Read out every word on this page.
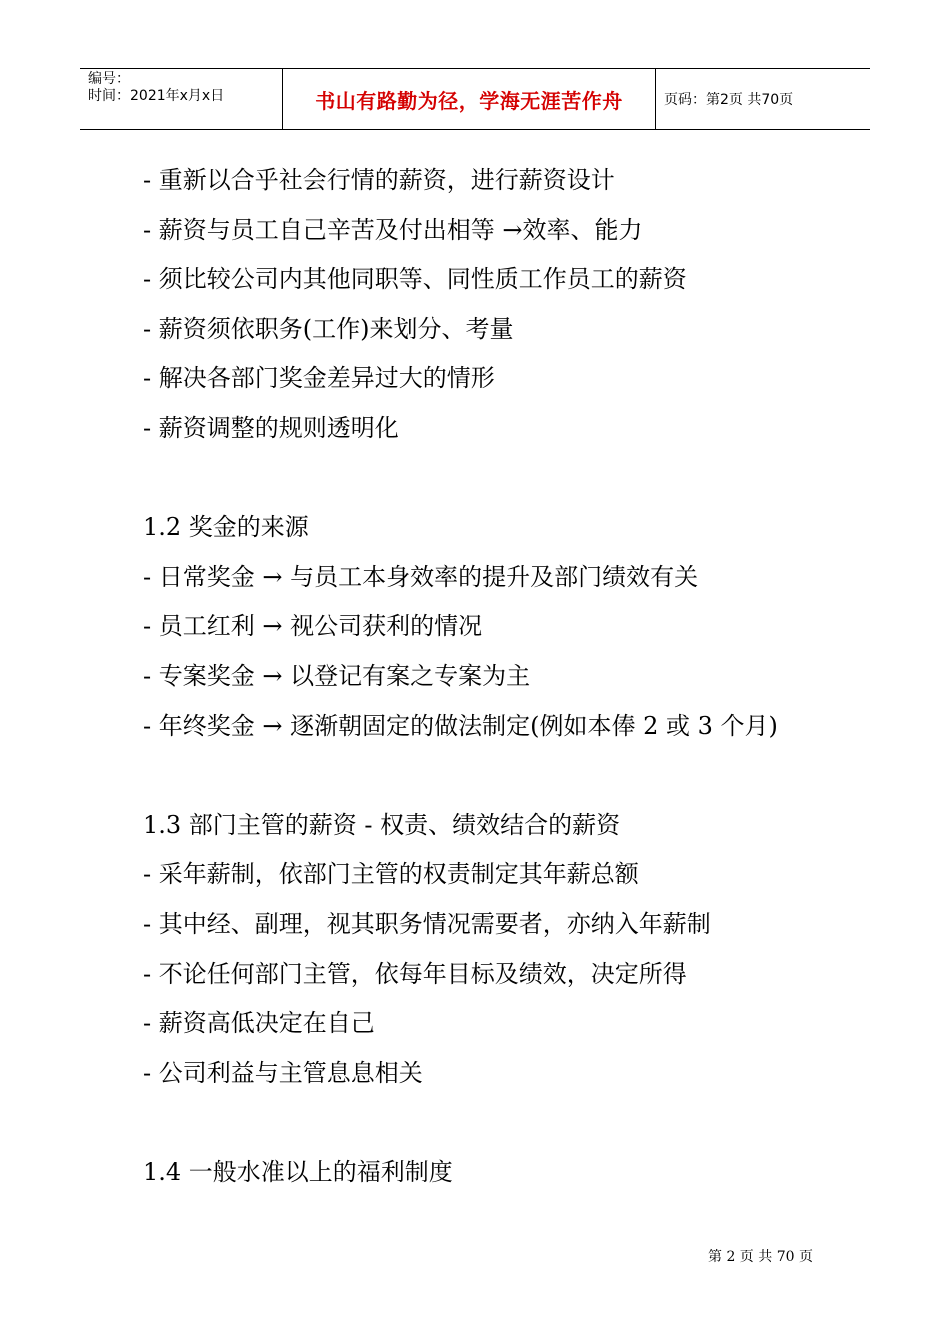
编号：
时间：2021年x月x日	书山有路勤为径，学海无涯苦作舟	页码：第2页 共70页
- 重新以合乎社会行情的薪资，进行薪资设计
- 薪资与员工自己辛苦及付出相等 →效率、能力
- 须比较公司内其他同职等、同性质工作员工的薪资
- 薪资须依职务(工作)来划分、考量
- 解决各部门奖金差异过大的情形
- 薪资调整的规则透明化
1.2 奖金的来源
- 日常奖金 → 与员工本身效率的提升及部门绩效有关
- 员工红利 → 视公司获利的情况
- 专案奖金 → 以登记有案之专案为主
- 年终奖金 → 逐渐朝固定的做法制定(例如本俸 2 或 3 个月)
1.3 部门主管的薪资 - 权责、绩效结合的薪资
- 采年薪制，依部门主管的权责制定其年薪总额
- 其中经、副理，视其职务情况需要者，亦纳入年薪制
- 不论任何部门主管，依每年目标及绩效，决定所得
- 薪资高低决定在自己
- 公司利益与主管息息相关
1.4 一般水准以上的福利制度
第 2 页 共 70 页
